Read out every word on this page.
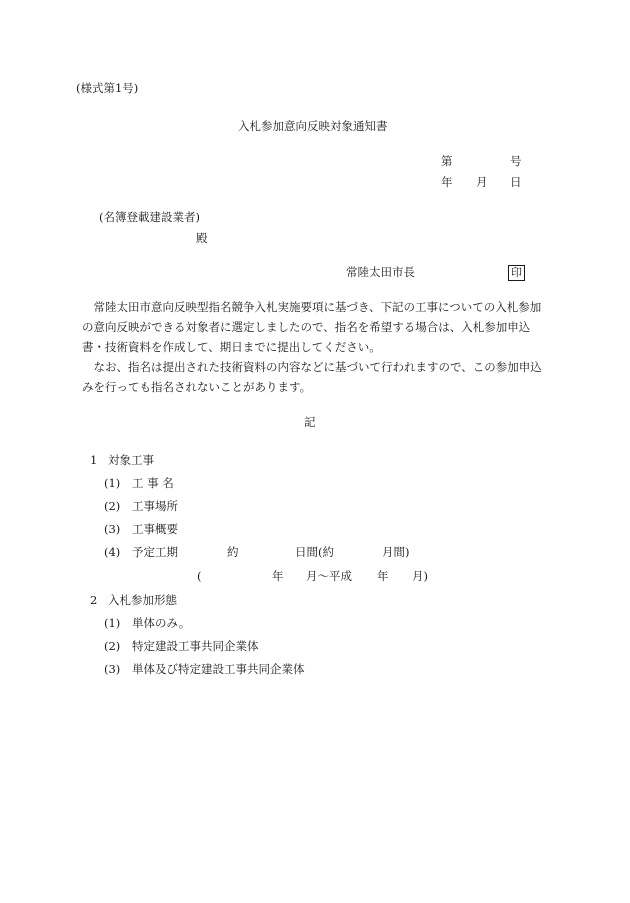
(様式第1号)
入札参加意向反映対象通知書
第	号
年 月 日
(名簿登載建設業者)
殿
常陸太田市長	印
常陸太田市意向反映型指名競争入札実施要項に基づき、下記の工事についての入札参加の意向反映ができる対象者に選定しましたので、指名を希望する場合は、入札参加申込書・技術資料を作成して、期日までに提出してください。
なお、指名は提出された技術資料の内容などに基づいて行われますので、この参加申込みを行っても指名されないことがあります。
記
1 対象工事
(1) 工 事 名
(2) 工事場所
(3) 工事概要
(4) 予定工期	約	日間(約	月間)
(	年 月～平成 年 月)
2 入札参加形態
(1) 単体のみ。
(2) 特定建設工事共同企業体
(3) 単体及び特定建設工事共同企業体
